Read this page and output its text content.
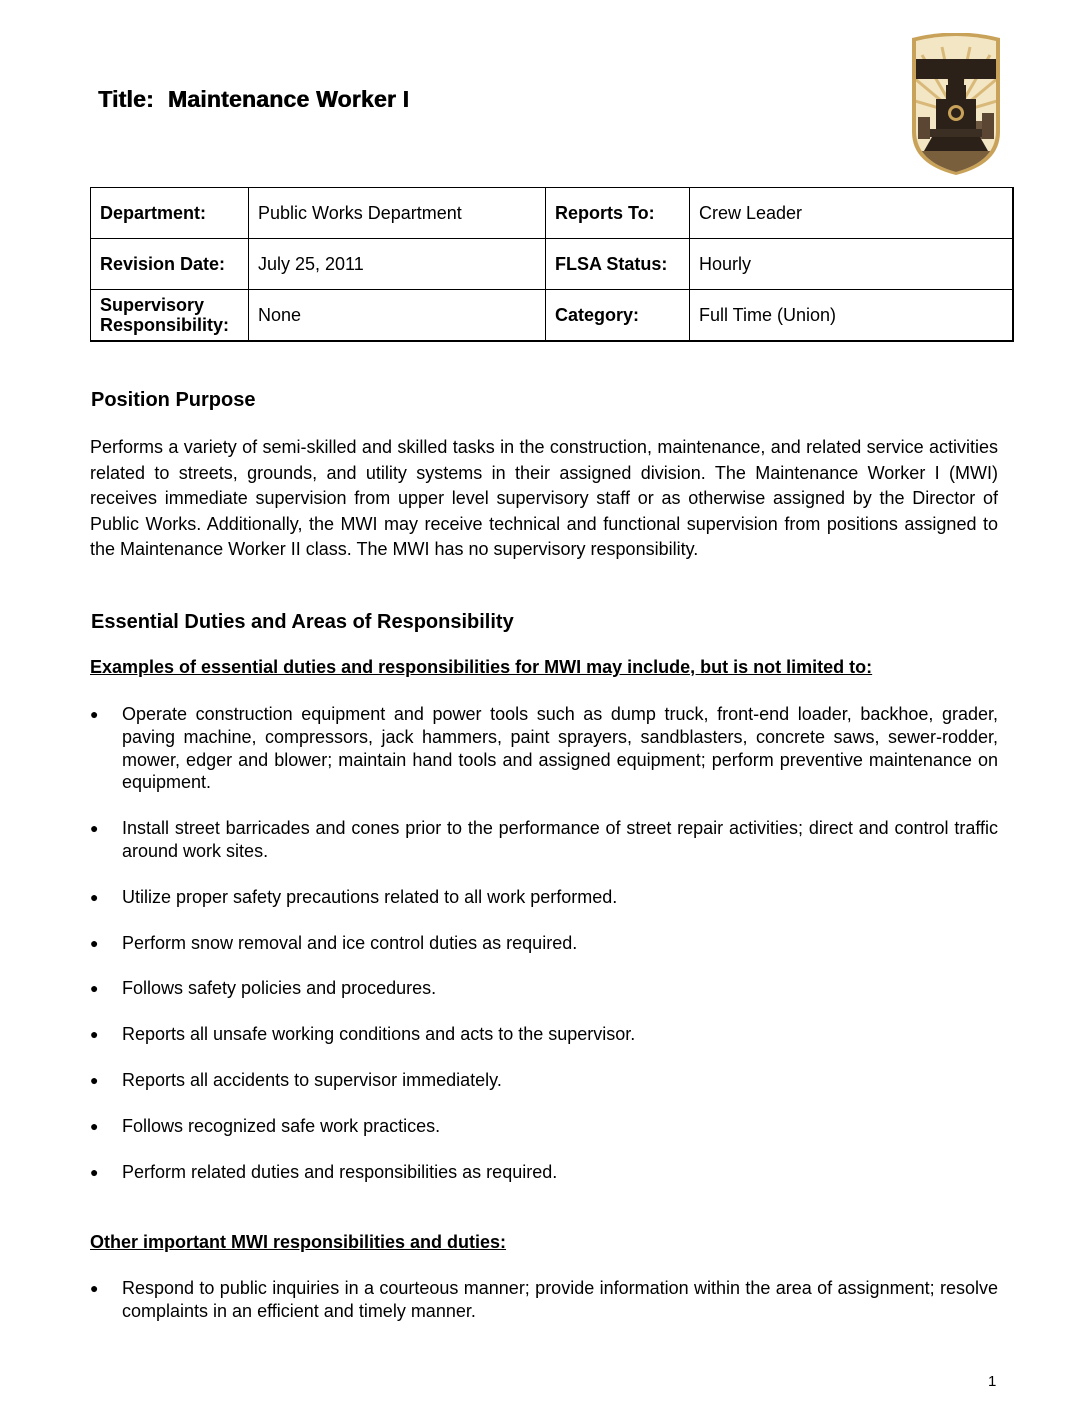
Title: Maintenance Worker I
Department:	Public Works Department	Reports To:	Crew Leader
Revision Date:	July 25, 2011	FLSA Status:	Hourly
Supervisory Responsibility:	None	Category:	Full Time (Union)
Position Purpose
Performs a variety of semi-skilled and skilled tasks in the construction, maintenance, and related service activities related to streets, grounds, and utility systems in their assigned division. The Maintenance Worker I (MWI) receives immediate supervision from upper level supervisory staff or as otherwise assigned by the Director of Public Works. Additionally, the MWI may receive technical and functional supervision from positions assigned to the Maintenance Worker II class. The MWI has no supervisory responsibility.
Essential Duties and Areas of Responsibility
Examples of essential duties and responsibilities for MWI may include, but is not limited to:
●	Operate construction equipment and power tools such as dump truck, front-end loader, backhoe, grader, paving machine, compressors, jack hammers, paint sprayers, sandblasters, concrete saws, sewer-rodder, mower, edger and blower; maintain hand tools and assigned equipment; perform preventive maintenance on equipment.
●	Install street barricades and cones prior to the performance of street repair activities; direct and control traffic around work sites.
●	Utilize proper safety precautions related to all work performed.
●	Perform snow removal and ice control duties as required.
●	Follows safety policies and procedures.
●	Reports all unsafe working conditions and acts to the supervisor.
●	Reports all accidents to supervisor immediately.
●	Follows recognized safe work practices.
●	Perform related duties and responsibilities as required.
Other important MWI responsibilities and duties:
●	Respond to public inquiries in a courteous manner; provide information within the area of assignment; resolve complaints in an efficient and timely manner.
1
